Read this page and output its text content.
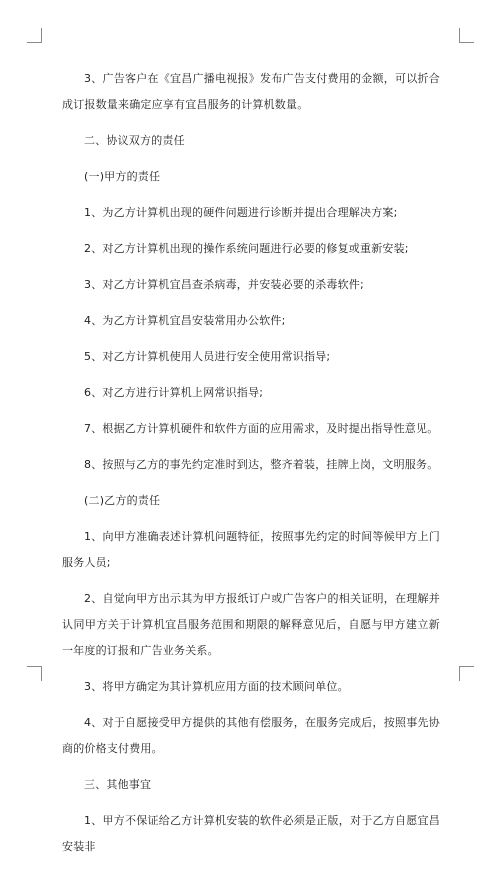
3、广告客户在《宜昌广播电视报》发布广告支付费用的金额，可以折合成订报数量来确定应享有宜昌服务的计算机数量。

二、协议双方的责任

(一)甲方的责任

1、为乙方计算机出现的硬件问题进行诊断并提出合理解决方案;

2、对乙方计算机出现的操作系统问题进行必要的修复或重新安装;

3、对乙方计算机宜昌查杀病毒，并安装必要的杀毒软件;

4、为乙方计算机宜昌安装常用办公软件;

5、对乙方计算机使用人员进行安全使用常识指导;

6、对乙方进行计算机上网常识指导;

7、根据乙方计算机硬件和软件方面的应用需求，及时提出指导性意见。

8、按照与乙方的事先约定准时到达，整齐着装，挂牌上岗，文明服务。

(二)乙方的责任

1、向甲方准确表述计算机问题特征，按照事先约定的时间等候甲方上门服务人员;

2、自觉向甲方出示其为甲方报纸订户或广告客户的相关证明，在理解并认同甲方关于计算机宜昌服务范围和期限的解释意见后，自愿与甲方建立新一年度的订报和广告业务关系。

3、将甲方确定为其计算机应用方面的技术顾问单位。

4、对于自愿接受甲方提供的其他有偿服务，在服务完成后，按照事先协商的价格支付费用。

三、其他事宜

1、甲方不保证给乙方计算机安装的软件必须是正版，对于乙方自愿宜昌安装非
